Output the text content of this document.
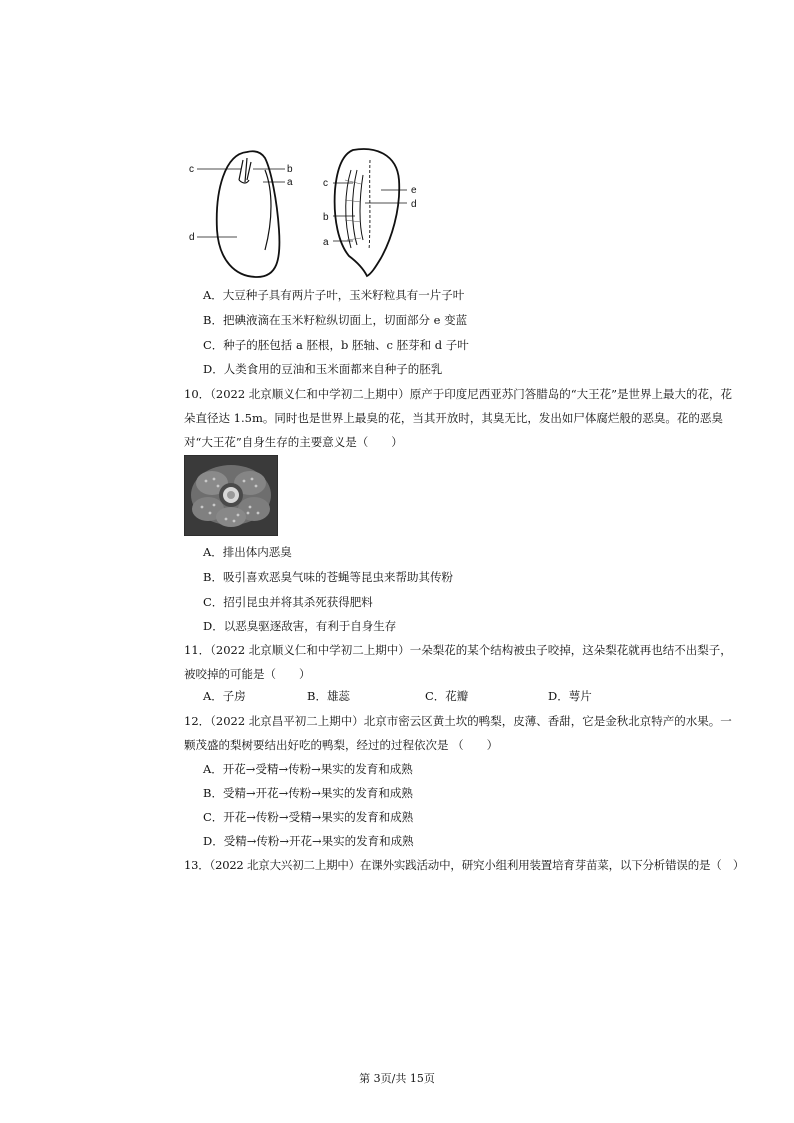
c	b
a
d
c
e
d
b
a
A．大豆种子具有两片子叶，玉米籽粒具有一片子叶
B．把碘液滴在玉米籽粒纵切面上，切面部分 e 变蓝
C．种子的胚包括 a 胚根，b 胚轴、c 胚芽和 d 子叶
D．人类食用的豆油和玉米面都来自种子的胚乳
10．（2022 北京顺义仁和中学初二上期中）原产于印度尼西亚苏门答腊岛的“大王花”是世界上最大的花，花
朵直径达 1.5m。同时也是世界上最臭的花，当其开放时，其臭无比，发出如尸体腐烂般的恶臭。花的恶臭
对“大王花”自身生存的主要意义是（　　）
A．排出体内恶臭
B．吸引喜欢恶臭气味的苍蝇等昆虫来帮助其传粉
C．招引昆虫并将其杀死获得肥料
D．以恶臭驱逐敌害，有利于自身生存
11．（2022 北京顺义仁和中学初二上期中）一朵梨花的某个结构被虫子咬掉，这朵梨花就再也结不出梨子，
被咬掉的可能是（　　）
A．子房	B．雄蕊	C．花瓣	D．萼片
12．（2022 北京昌平初二上期中）北京市密云区黄土坎的鸭梨，皮薄、香甜，它是金秋北京特产的水果。一
颗茂盛的梨树要结出好吃的鸭梨，经过的过程依次是 （　　）
A．开花→受精→传粉→果实的发育和成熟
B．受精→开花→传粉→果实的发育和成熟
C．开花→传粉→受精→果实的发育和成熟
D．受精→传粉→开花→果实的发育和成熟
13．（2022 北京大兴初二上期中）在课外实践活动中，研究小组利用装置培育芽苗菜，以下分析错误的是（　）
第 3页/共 15页
